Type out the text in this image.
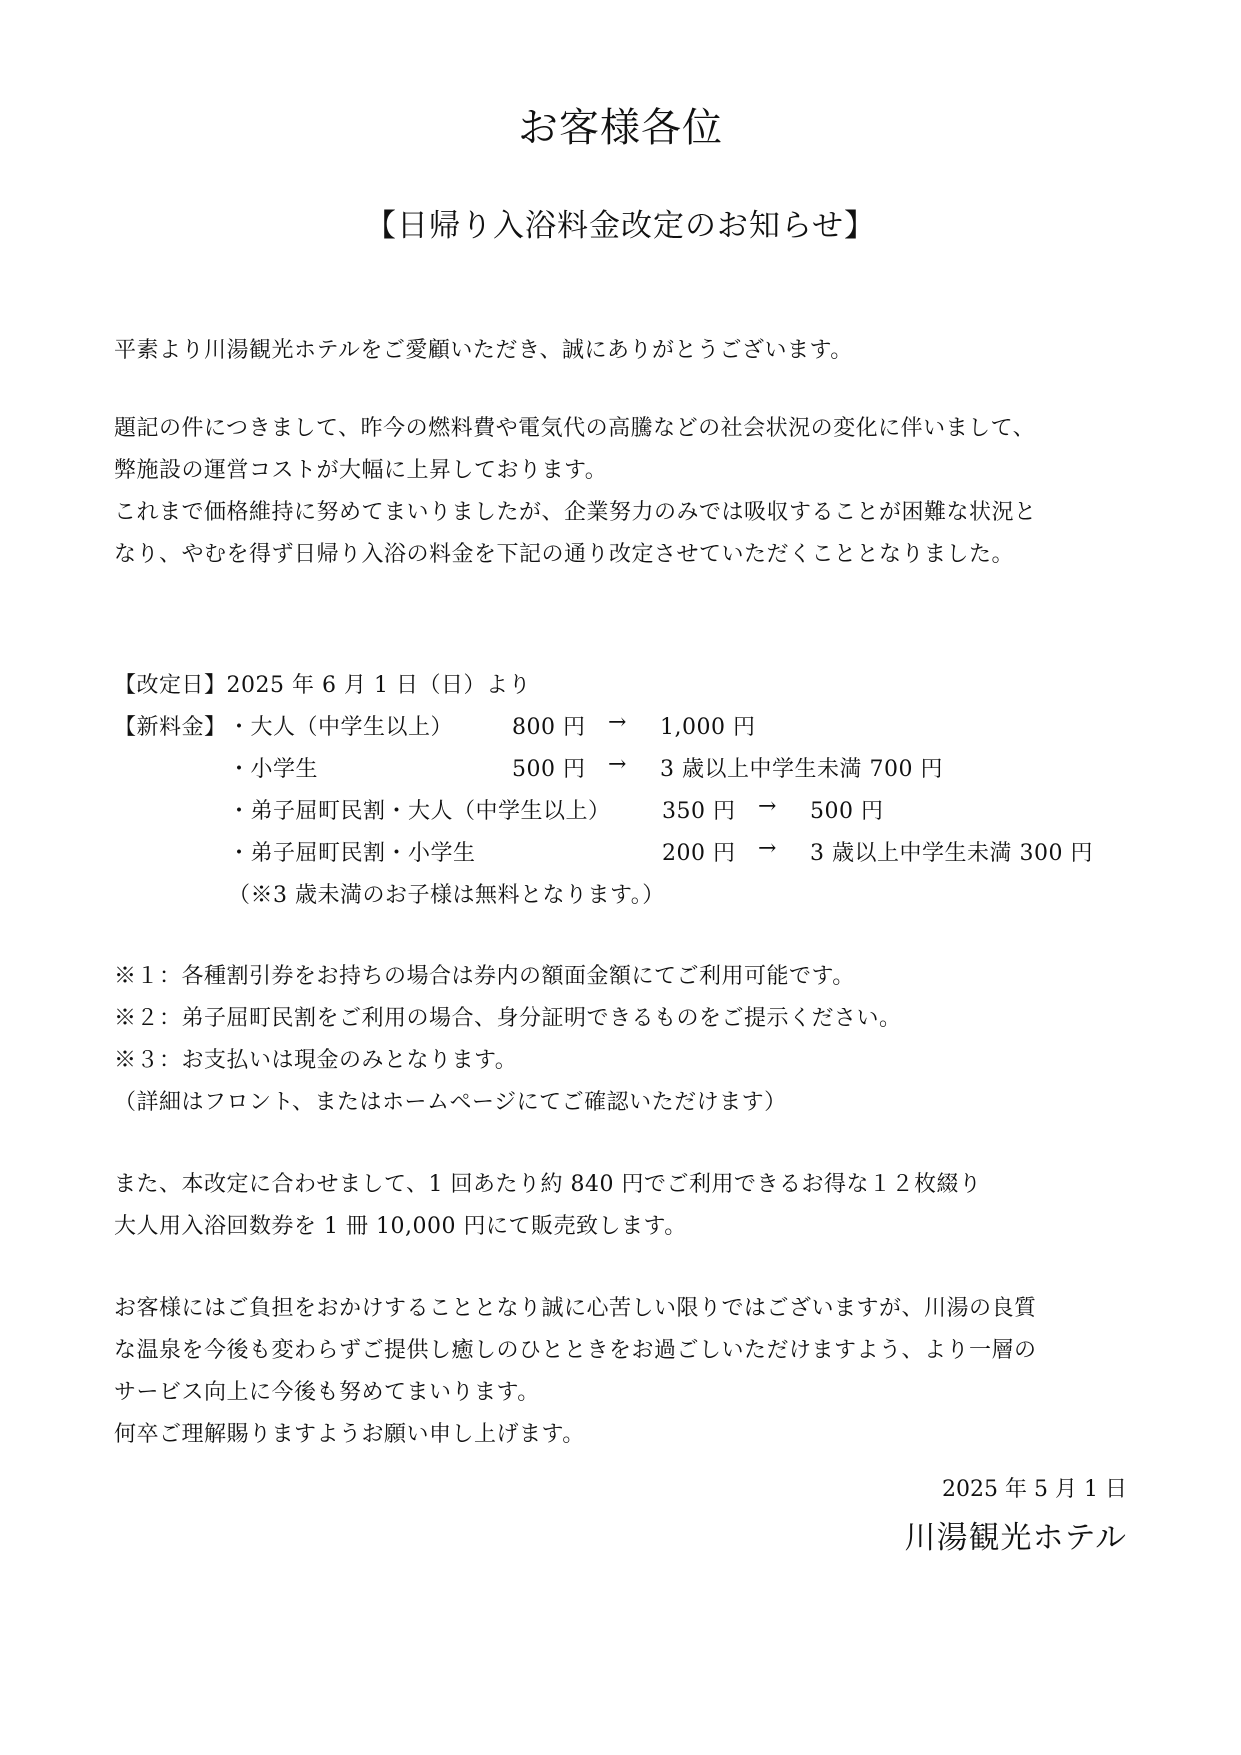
お客様各位
【日帰り入浴料金改定のお知らせ】
平素より川湯観光ホテルをご愛顧いただき、誠にありがとうございます。
題記の件につきまして、昨今の燃料費や電気代の高騰などの社会状況の変化に伴いまして、
弊施設の運営コストが大幅に上昇しております。
これまで価格維持に努めてまいりましたが、企業努力のみでは吸収することが困難な状況と
なり、やむを得ず日帰り入浴の料金を下記の通り改定させていただくこととなりました。
【改定日】2025 年 6 月 1 日（日）より
【新料金】 ・大人（中学生以上）	800 円 → 1,000 円
・小学生	500 円 → 3 歳以上中学生未満 700 円
・弟子屈町民割・大人（中学生以上） 350 円 → 500 円
・弟子屈町民割・小学生	200 円 → 3 歳以上中学生未満 300 円
（※3 歳未満のお子様は無料となります。）
※１：各種割引券をお持ちの場合は券内の額面金額にてご利用可能です。
※２：弟子屈町民割をご利用の場合、身分証明できるものをご提示ください。
※３：お支払いは現金のみとなります。
（詳細はフロント、またはホームページにてご確認いただけます）
また、本改定に合わせまして、1 回あたり約 840 円でご利用できるお得な１２枚綴り
大人用入浴回数券を 1 冊 10,000 円にて販売致します。
お客様にはご負担をおかけすることとなり誠に心苦しい限りではございますが、川湯の良質
な温泉を今後も変わらずご提供し癒しのひとときをお過ごしいただけますよう、より一層の
サービス向上に今後も努めてまいります。
何卒ご理解賜りますようお願い申し上げます。
2025 年 5 月 1 日
川湯観光ホテル
